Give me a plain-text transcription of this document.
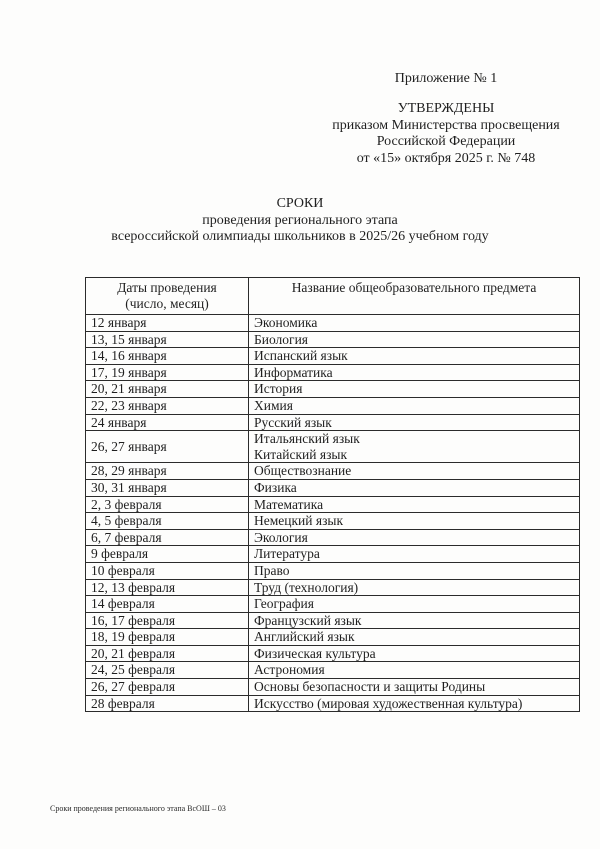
Приложение № 1
УТВЕРЖДЕНЫ
приказом Министерства просвещения
Российской Федерации
от «15» октября 2025 г. № 748
СРОКИ
проведения регионального этапа
всероссийской олимпиады школьников в 2025/26 учебном году
Даты проведения
(число, месяц)	Название общеобразовательного предмета
12 января	Экономика

13, 15 января	Биология

14, 16 января	Испанский язык

17, 19 января	Информатика

20, 21 января	История

22, 23 января	Химия

24 января	Русский язык

26, 27 января	Итальянский язык
Китайский язык

28, 29 января	Обществознание

30, 31 января	Физика

2, 3 февраля	Математика

4, 5 февраля	Немецкий язык

6, 7 февраля	Экология

9 февраля	Литература

10 февраля	Право

12, 13 февраля	Труд (технология)

14 февраля	География

16, 17 февраля	Французский язык

18, 19 февраля	Английский язык

20, 21 февраля	Физическая культура

24, 25 февраля	Астрономия

26, 27 февраля	Основы безопасности и защиты Родины

28 февраля	Искусство (мировая художественная культура)
Сроки проведения регионального этапа ВсОШ – 03
